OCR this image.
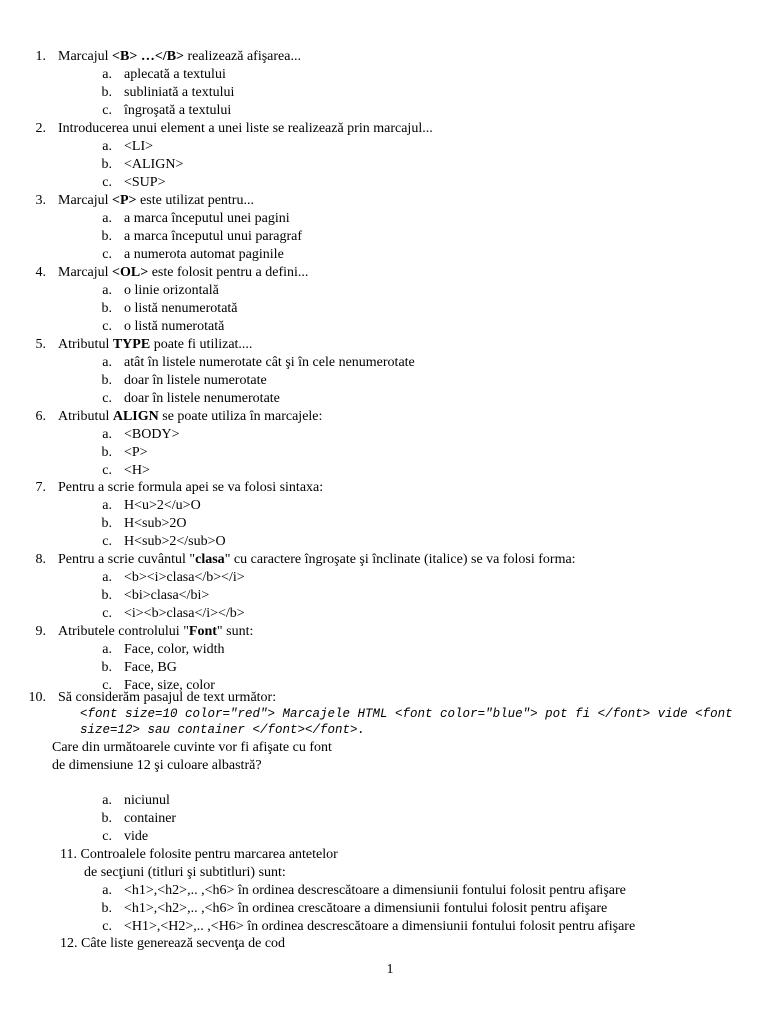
1. Marcajul <B> …</B> realizează afişarea...
a. aplecată a textului
b. subliniată a textului
c. îngroşată a textului
2. Introducerea unui element a unei liste se realizează prin marcajul...
a. <LI>
b. <ALIGN>
c. <SUP>
3. Marcajul <P> este utilizat pentru...
a. a marca începutul unei pagini
b. a marca începutul unui paragraf
c. a numerota automat paginile
4. Marcajul <OL> este folosit pentru a defini...
a. o linie orizontală
b. o listă nenumerotată
c. o listă numerotată
5. Atributul TYPE poate fi utilizat....
a. atât în listele numerotate cât şi în cele nenumerotate
b. doar în listele numerotate
c. doar în listele nenumerotate
6. Atributul ALIGN se poate utiliza în marcajele:
a. <BODY>
b. <P>
c. <H>
7. Pentru a scrie formula apei se va folosi sintaxa:
a. H<u>2</u>O
b. H<sub>2O
c. H<sub>2</sub>O
8. Pentru a scrie cuvântul "clasa" cu caractere îngroşate şi înclinate (italice) se va folosi forma:
a. <b><i>clasa</b></i>
b. <bi>clasa</bi>
c. <i><b>clasa</i></b>
9. Atributele controlului "Font" sunt:
a. Face, color, width
b. Face, BG
c. Face, size, color
10. Să considerăm pasajul de text următor:
<font size=10 color="red"> Marcajele HTML <font color="blue"> pot fi </font> vide <font
size=12> sau container </font></font>.
Care din următoarele cuvinte vor fi afişate cu font
de dimensiune 12 şi culoare albastră?
a. niciunul
b. container
c. vide
11. Controalele folosite pentru marcarea antetelor
de secţiuni (titluri şi subtitluri) sunt:
a. <h1>,<h2>,.. ,<h6> în ordinea descrescătoare a dimensiunii fontului folosit pentru afişare
b. <h1>,<h2>,.. ,<h6> în ordinea crescătoare a dimensiunii fontului folosit pentru afişare
c. <H1>,<H2>,.. ,<H6> în ordinea descrescătoare a dimensiunii fontului folosit pentru afişare
12. Câte liste generează secvenţa de cod
1
